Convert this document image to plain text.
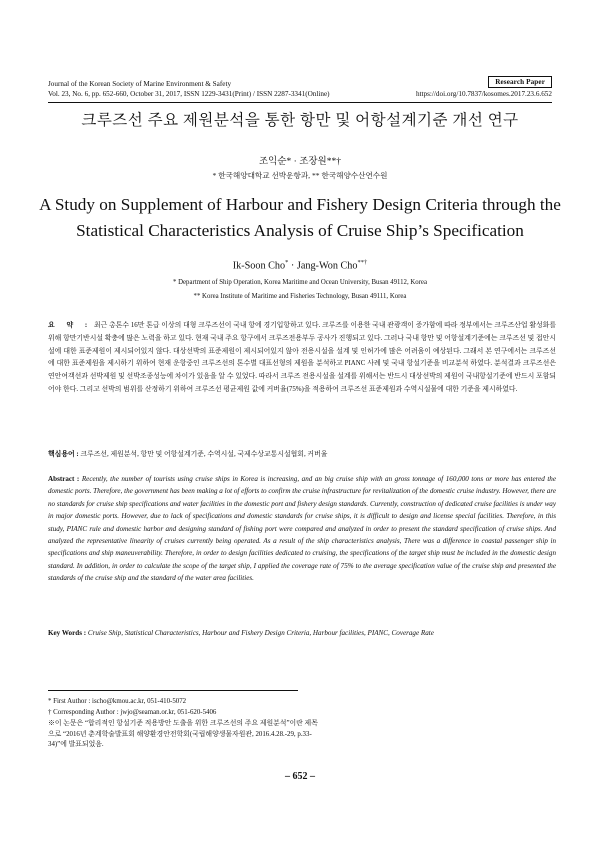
Journal of the Korean Society of Marine Environment & Safety
Vol. 23, No. 6, pp. 652-660, October 31, 2017, ISSN 1229-3431(Print) / ISSN 2287-3341(Online)
Research Paper
https://doi.org/10.7837/kosomes.2017.23.6.652
크루즈선 주요 제원분석을 통한 항만 및 어항설계기준 개선 연구
조익순* · 조장원**†
* 한국해양대학교 선박운항과, ** 한국해양수산연수원
A Study on Supplement of Harbour and Fishery Design Criteria through the Statistical Characteristics Analysis of Cruise Ship’s Specification
Ik-Soon Cho* · Jang-Won Cho**†
* Department of Ship Operation, Korea Maritime and Ocean University, Busan 49112, Korea
** Korea Institute of Maritime and Fisheries Technology, Busan 49111, Korea
요 약 : 최근 총톤수 16만 톤급 이상의 대형 크루즈선이 국내 항에 경기입항하고 있다. 크루즈를 이용한 국내 관광객이 증가함에 따라 정부에서는 크루즈산업 활성화를 위해 항만기반시설 확충에 많은 노력을 하고 있다. 현재 국내 주요 항구에서 크루즈전용부두 공사가 진행되고 있다. 그러나 국내 항만 및 어항설계기준에는 크루즈선 및 접안시설에 대한 표준제원이 제시되어있지 않다. 대상선박의 표준제원이 제시되어있지 않아 전용시설을 설계 및 인허가에 많은 어려움이 예상된다. 그래서 본 연구에서는 크루즈선에 대한 표준제원을 제시하기 위하여 현재 운항중인 크루즈선의 톤수별 대표선형의 제원을 분석하고 PIANC 사례 및 국내 항설기준을 비교분석 하였다. 분석결과 크루즈선은 연안여객선과 선박제원 및 선박조종성능에 차이가 있음을 알 수 있었다. 따라서 크루즈 전용시설을 설계를 위해서는 반드시 대상선박의 제원이 국내항설기준에 반드시 포함되어야 한다. 그리고 선박의 범위를 산정하기 위하여 크루즈선 평균제원 값에 커버율(75%)을 적용하여 크루즈선 표준제원과 수역시설물에 대한 기준을 제시하였다.
핵심용어 : 크루즈선, 제원분석, 항만 및 어항설계기준, 수역시설, 국제수상교통시설협회, 커버율
Abstract : Recently, the number of tourists using cruise ships in Korea is increasing, and an big cruise ship with an gross tonnage of 160,000 tons or more has entered the domestic ports. Therefore, the government has been making a lot of efforts to confirm the cruise infrastructure for revitalization of the domestic cruise industry. However, there are no standards for cruise ship specifications and water facilities in the domestic port and fishery design standards. Currently, construction of dedicated cruise facilities is under way in major domestic ports. However, due to lack of specifications and domestic standards for cruise ships, it is difficult to design and license special facilities. Therefore, in this study, PIANC rule and domestic harbor and designing standard of fishing port were compared and analyzed in order to present the standard specification of cruise ships. And analyzed the representative linearity of cruises currently being operated. As a result of the ship characteristics analysis, There was a difference in coastal passenger ship in specifications and ship maneuverability. Therefore, in order to design facilities dedicated to cruising, the specifications of the target ship must be included in the domestic design standard. In addition, in order to calculate the scope of the target ship, I applied the coverage rate of 75% to the average specification value of the cruise ship and presented the standards of the cruise ship and the standard of the water area facilities.
Key Words : Cruise Ship, Statistical Characteristics, Harbour and Fishery Design Criteria, Harbour facilities, PIANC, Coverage Rate
* First Author : ischo@kmou.ac.kr, 051-410-5072
† Corresponding Author : jwjo@seaman.or.kr, 051-620-5406
※이 논문은 “합리적인 항설기준 적용방안 도출을 위한 크루즈선의 주요 제원분석”이란 제목으로 “2016년 춘계학술발표회 해양환경안전학회(국립해양생물자원관, 2016.4.28.-29, p.33-34)”에 발표되었음.
– 652 –
